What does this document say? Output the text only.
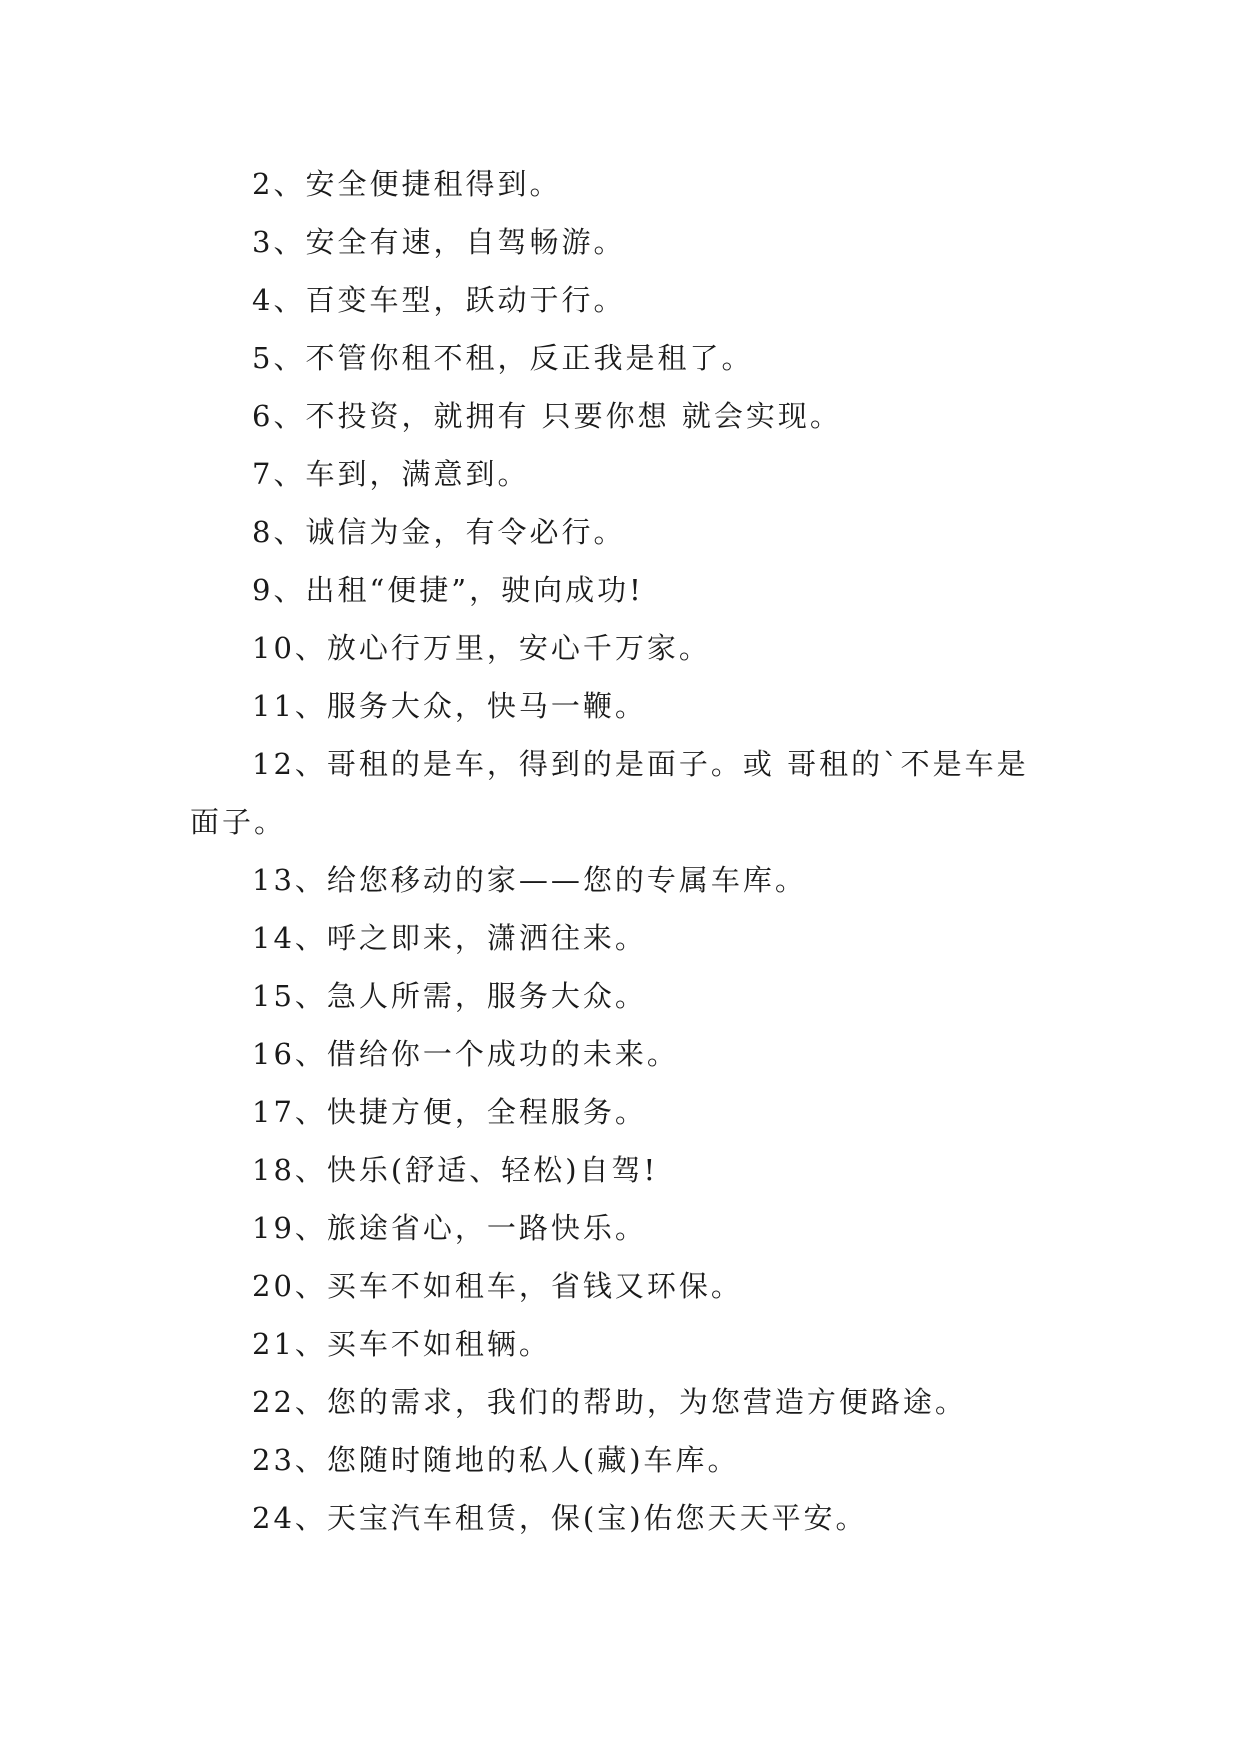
2、安全便捷租得到。

3、安全有速，自驾畅游。

4、百变车型，跃动于行。

5、不管你租不租，反正我是租了。

6、不投资，就拥有 只要你想 就会实现。

7、车到，满意到。

8、诚信为金，有令必行。

9、出租“便捷”，驶向成功!

10、放心行万里，安心千万家。

11、服务大众，快马一鞭。

12、哥租的是车，得到的是面子。或 哥租的`不是车是面子。

13、给您移动的家——您的专属车库。

14、呼之即来，潇洒往来。

15、急人所需，服务大众。

16、借给你一个成功的未来。

17、快捷方便，全程服务。

18、快乐(舒适、轻松)自驾!

19、旅途省心，一路快乐。

20、买车不如租车，省钱又环保。

21、买车不如租辆。

22、您的需求，我们的帮助，为您营造方便路途。

23、您随时随地的私人(藏)车库。

24、天宝汽车租赁，保(宝)佑您天天平安。
